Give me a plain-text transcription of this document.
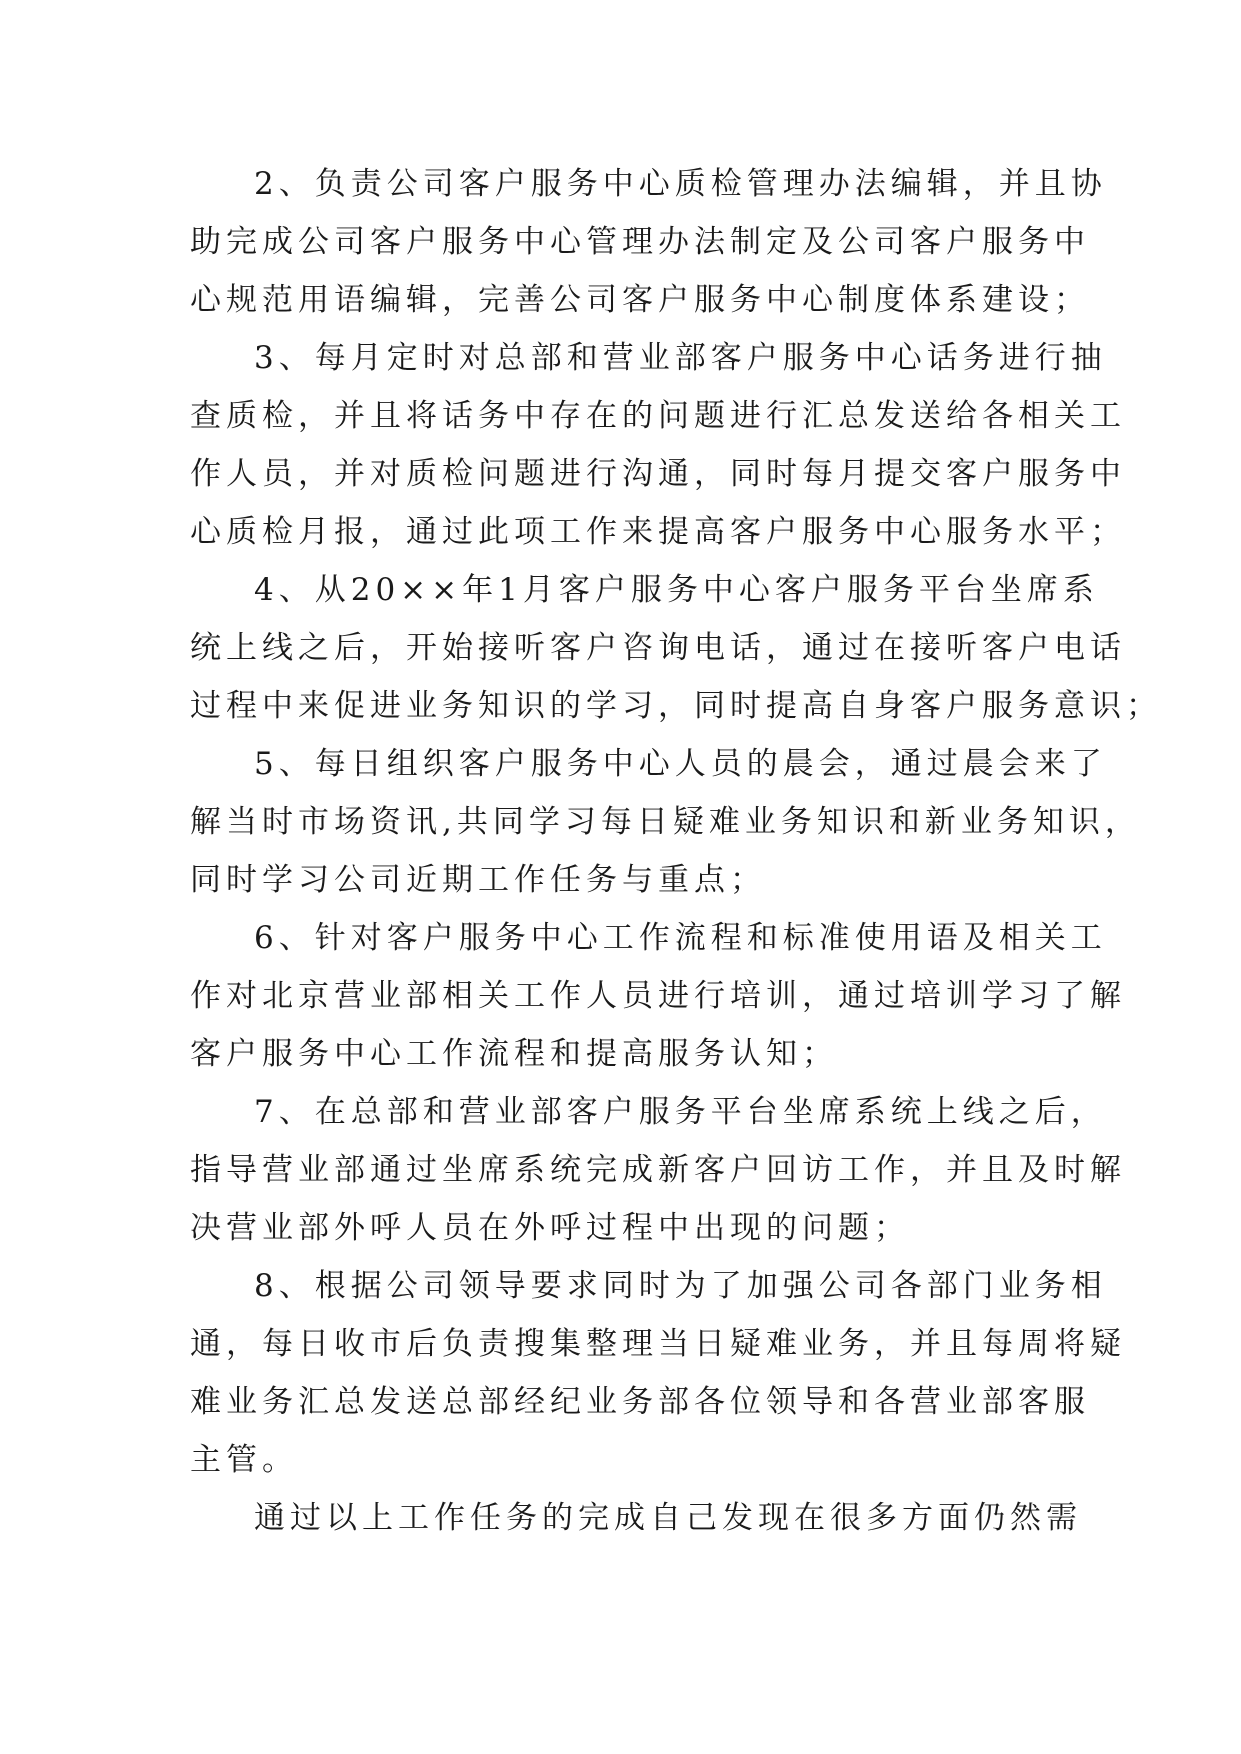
2、负责公司客户服务中心质检管理办法编辑，并且协
助完成公司客户服务中心管理办法制定及公司客户服务中
心规范用语编辑，完善公司客户服务中心制度体系建设；
3、每月定时对总部和营业部客户服务中心话务进行抽
查质检，并且将话务中存在的问题进行汇总发送给各相关工
作人员，并对质检问题进行沟通，同时每月提交客户服务中
心质检月报，通过此项工作来提高客户服务中心服务水平；
4、从20××年1月客户服务中心客户服务平台坐席系
统上线之后，开始接听客户咨询电话，通过在接听客户电话
过程中来促进业务知识的学习，同时提高自身客户服务意识；
5、每日组织客户服务中心人员的晨会，通过晨会来了
解当时市场资讯,共同学习每日疑难业务知识和新业务知识，
同时学习公司近期工作任务与重点；
6、针对客户服务中心工作流程和标准使用语及相关工
作对北京营业部相关工作人员进行培训，通过培训学习了解
客户服务中心工作流程和提高服务认知；
7、在总部和营业部客户服务平台坐席系统上线之后，
指导营业部通过坐席系统完成新客户回访工作，并且及时解
决营业部外呼人员在外呼过程中出现的问题；
8、根据公司领导要求同时为了加强公司各部门业务相
通，每日收市后负责搜集整理当日疑难业务，并且每周将疑
难业务汇总发送总部经纪业务部各位领导和各营业部客服
主管。
通过以上工作任务的完成自己发现在很多方面仍然需
